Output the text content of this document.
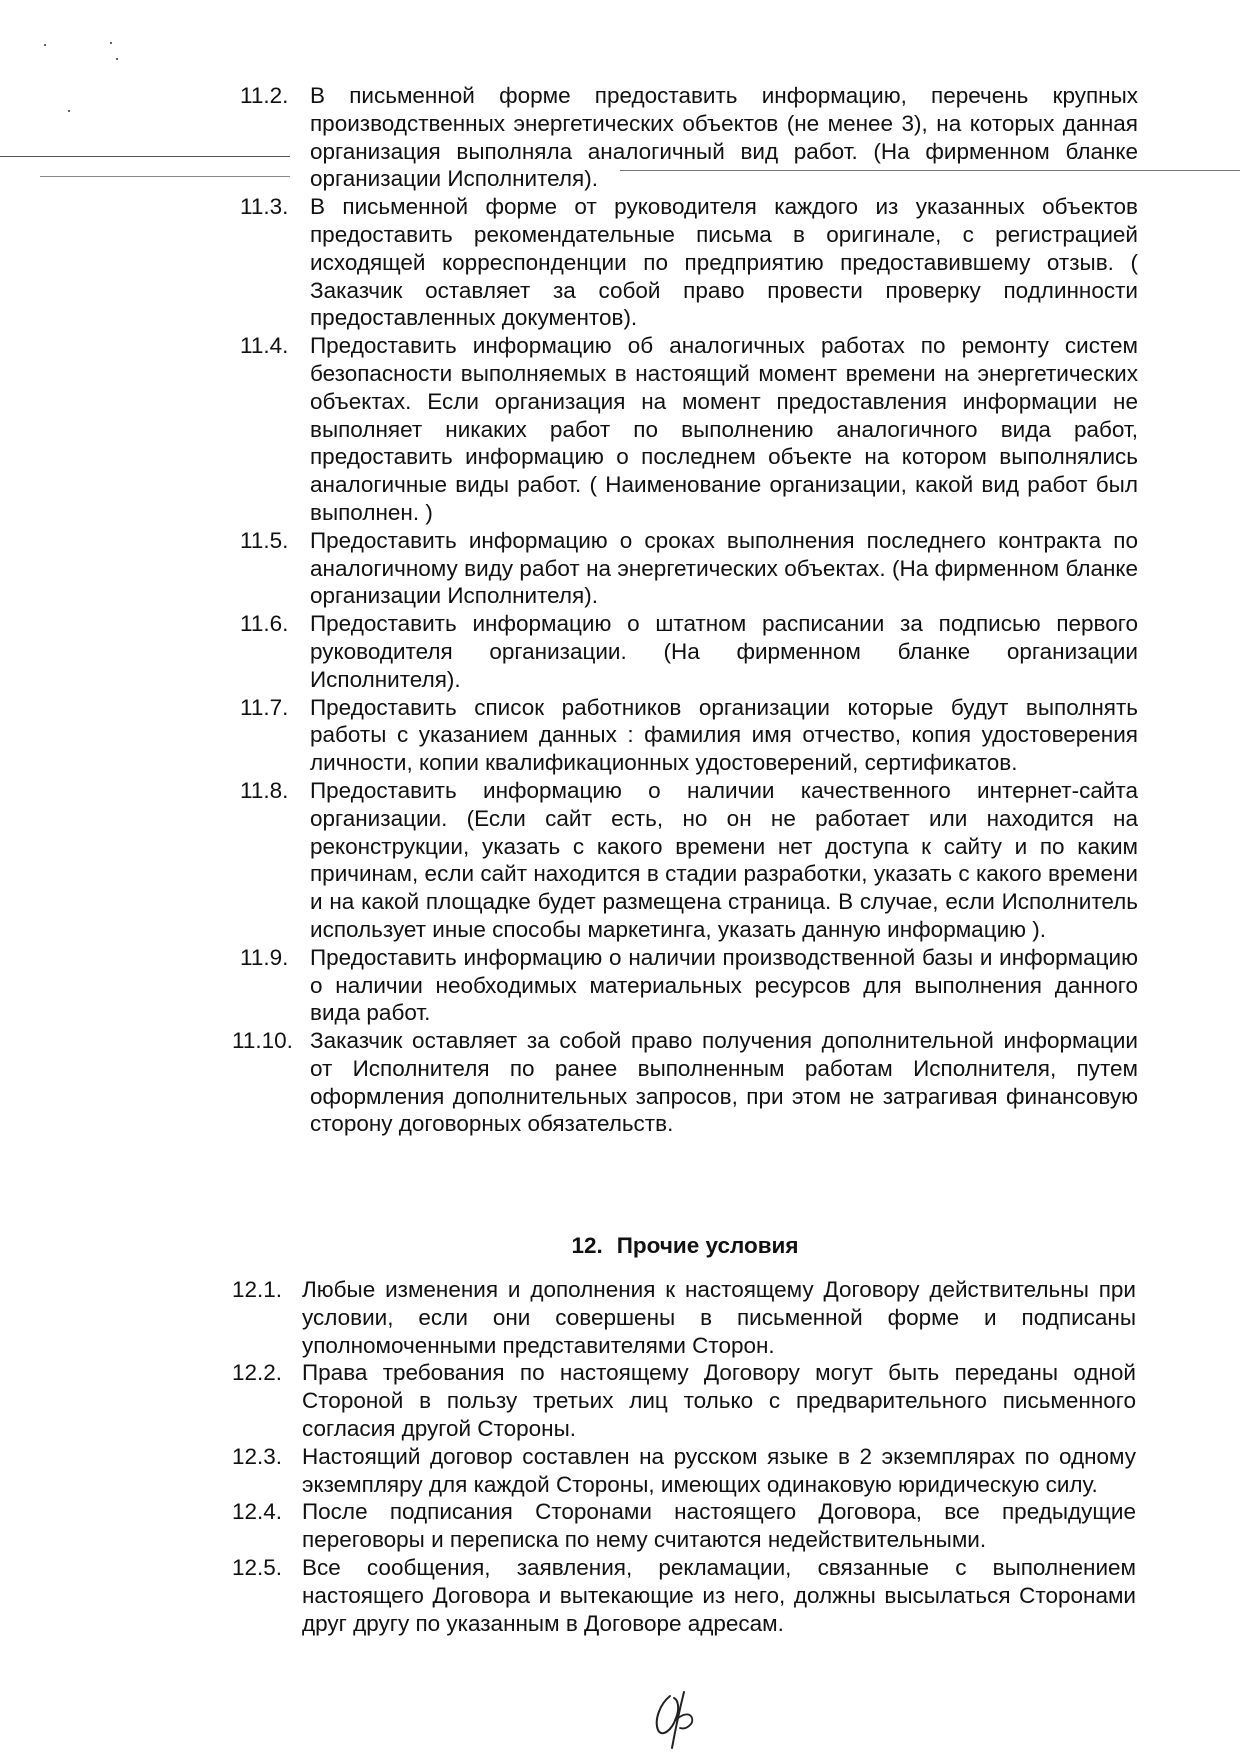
11.2. В письменной форме предоставить информацию, перечень крупных производственных энергетических объектов (не менее 3), на которых данная организация выполняла аналогичный вид работ. (На фирменном бланке организации Исполнителя).

11.3. В письменной форме от руководителя каждого из указанных объектов предоставить рекомендательные письма в оригинале, с регистрацией исходящей корреспонденции по предприятию предоставившему отзыв. ( Заказчик оставляет за собой право провести проверку подлинности предоставленных документов).

11.4. Предоставить информацию об аналогичных работах по ремонту систем безопасности выполняемых в настоящий момент времени на энергетических объектах. Если организация на момент предоставления информации не выполняет никаких работ по выполнению аналогичного вида работ, предоставить информацию о последнем объекте на котором выполнялись аналогичные виды работ. ( Наименование организации, какой вид работ был выполнен. )

11.5. Предоставить информацию о сроках выполнения последнего контракта по аналогичному виду работ на энергетических объектах. (На фирменном бланке организации Исполнителя).

11.6. Предоставить информацию о штатном расписании за подписью первого руководителя организации. (На фирменном бланке организации Исполнителя).

11.7. Предоставить список работников организации которые будут выполнять работы с указанием данных : фамилия имя отчество, копия удостоверения личности, копии квалификационных удостоверений, сертификатов.

11.8. Предоставить информацию о наличии качественного интернет-сайта организации. (Если сайт есть, но он не работает или находится на реконструкции, указать с какого времени нет доступа к сайту и по каким причинам, если сайт находится в стадии разработки, указать с какого времени и на какой площадке будет размещена страница. В случае, если Исполнитель использует иные способы маркетинга, указать данную информацию ).

11.9. Предоставить информацию о наличии производственной базы и информацию о наличии необходимых материальных ресурсов для выполнения данного вида работ.

11.10. Заказчик оставляет за собой право получения дополнительной информации от Исполнителя по ранее выполненным работам Исполнителя, путем оформления дополнительных запросов, при этом не затрагивая финансовую сторону договорных обязательств.

12. Прочие условия

12.1. Любые изменения и дополнения к настоящему Договору действительны при условии, если они совершены в письменной форме и подписаны уполномоченными представителями Сторон.

12.2. Права требования по настоящему Договору могут быть переданы одной Стороной в пользу третьих лиц только с предварительного письменного согласия другой Стороны.

12.3. Настоящий договор составлен на русском языке в 2 экземплярах по одному экземпляру для каждой Стороны, имеющих одинаковую юридическую силу.

12.4. После подписания Сторонами настоящего Договора, все предыдущие переговоры и переписка по нему считаются недействительными.

12.5. Все сообщения, заявления, рекламации, связанные с выполнением настоящего Договора и вытекающие из него, должны высылаться Сторонами друг другу по указанным в Договоре адресам.
